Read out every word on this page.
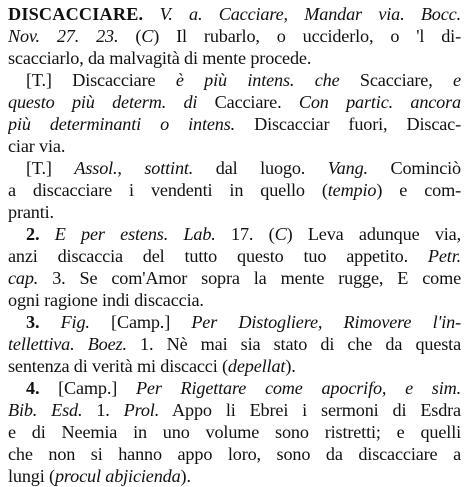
DISCACCIARE. V. a. Cacciare, Mandar via. Bocc.
Nov. 27. 23. (C) Il rubarlo, o ucciderlo, o 'l di-
scacciarlo, da malvagità di mente procede.
[T.] Discacciare è più intens. che Scacciare, e
questo più determ. di Cacciare. Con partic. ancora
più determinanti o intens. Discacciar fuori, Discac-
ciar via.
[T.] Assol., sottint. dal luogo. Vang. Cominciò
a discacciare i vendenti in quello (tempio) e com-
pranti.
2. E per estens. Lab. 17. (C) Leva adunque via,
anzi discaccia del tutto questo tuo appetito. Petr.
cap. 3. Se com'Amor sopra la mente rugge, E come
ogni ragione indi discaccia.
3. Fig. [Camp.] Per Distogliere, Rimovere l'in-
tellettiva. Boez. 1. Nè mai sia stato di che da questa
sentenza di verità mi discacci (depellat).
4. [Camp.] Per Rigettare come apocrifo, e sim.
Bib. Esd. 1. Prol. Appo li Ebrei i sermoni di Esdra
e di Neemia in uno volume sono ristretti; e quelli
che non si hanno appo loro, sono da discacciare a
lungi (procul abjicienda).
